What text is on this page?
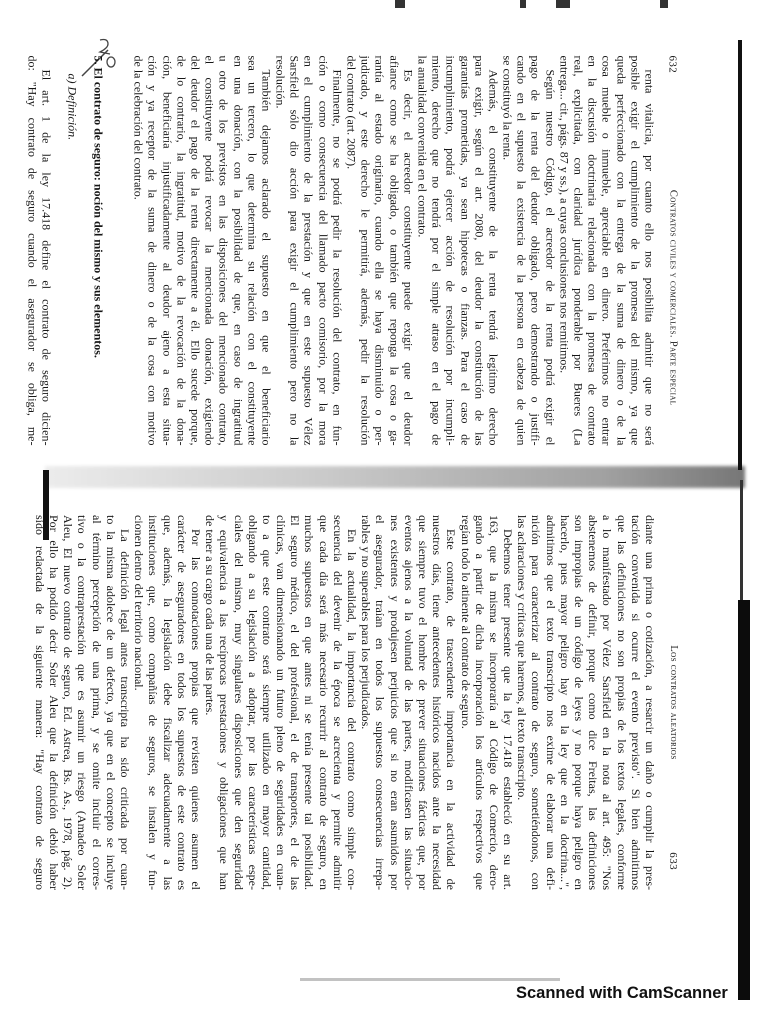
632
Contratos civiles y comerciales. Parte especial
renta vitalicia, por cuanto ello nos posibilita admitir que no será
posible exigir el cumplimiento de la promesa del mismo, ya que
queda perfeccionado con la entrega de la suma de dinero o de la
cosa mueble o inmueble, apreciable en dinero. Preferimos no entrar
en la discusión doctrinaria relacionada con la promesa de contrato
real, explicitada, con claridad jurídica ponderable por Bueres (La
entrega... cit., págs. 87 y ss.), a cuyas conclusiones nos remitimos.
Según nuestro Código, el acreedor de la renta podrá exigir el
pago de la renta del deudor obligado, pero demostrando o justifi-
cando en el supuesto la existencia de la persona en cabeza de quien
se constituyó la renta.
Además, el constituyente de la renta tendrá legítimo derecho
para exigir, según el art. 2080, del deudor la constitución de las
garantías prometidas, ya sean hipotecas o fianzas. Para el caso de
incumplimiento, podrá ejercer acción de resolución por incumpli-
miento, derecho que no tendrá por el simple atraso en el pago de
la anualidad convenida en el contrato.
Es decir, el acreedor constituyente puede exigir que el deudor
afiance como se ha obligado, o también que reponga la cosa o ga-
rantía al estado originario, cuando ella se haya disminuido o per-
judicado, y este derecho le permitirá, además, pedir la resolución
del contrato (art. 2087).
Finalmente, no se podrá pedir la resolución del contrato, en fun-
ción o como consecuencia del llamado pacto comisorio, por la mora
en el cumplimiento de la prestación y que en este supuesto Vélez
Sarsfield sólo dio acción para exigir el cumplimiento pero no la
resolución.
También dejamos aclarado el supuesto en que el beneficiario
sea un tercero, lo que determina su relación con el constituyente
en una donación, con la posibilidad de que, en caso de ingratitud
u otro de los previstos en las disposiciones del mencionado contrato,
el constituyente podrá revocar la mencionada donación, exigiendo
del deudor el pago de la renta directamente a él. Ello sucede porque,
de lo contrario, la ingratitud, motivo de la revocación de la dona-
ción, beneficiaría injustificadamente al deudor ajeno a esta situa-
ción y ya receptor de la suma de dinero o de la cosa con motivo
de la celebración del contrato.
5. El contrato de seguro: noción del mismo y sus elementos.
a) Definición.
El art. 1 de la ley 17.418 define el contrato de seguro dicien-
do: "Hay contrato de seguro cuando el asegurador se obliga, me-
Los contratos aleatorios
633
diante una prima o cotización, a resarcir un daño o cumplir la pres-
tación convenida si ocurre el evento previsto". Si bien admitimos
que las definiciones no son propias de los textos legales, conforme
a lo manifestado por Vélez Sarsfield en la nota al art. 495: "Nos
abstenemos de definir, porque como dice Freitas, las definiciones
son impropias de un código de leyes y no porque haya peligro en
hacerlo, pues mayor peligro hay en la ley que en la doctrina...",
admitimos que el texto transcripto nos exime de elaborar una defi-
nición para caracterizar al contrato de seguro, sometiéndonos, con
las aclaraciones y críticas que haremos, al texto transcripto.
Debemos tener presente que la ley 17.418 estableció en su art.
163, que la misma se incorporaría al Código de Comercio, dero-
gando a partir de dicha incorporación los artículos respectivos que
regían todo lo atinente al contrato de seguro.
Este contrato, de trascendente importancia en la actividad de
nuestros días, tiene antecedentes históricos nacidos ante la necesidad
que siempre tuvo el hombre de prever situaciones fácticas que, por
eventos ajenos a la voluntad de las partes, modificasen las situacio-
nes existentes y produjesen perjuicios que si no eran asumidos por
el asegurador, traían en todos los supuestos consecuencias irrepa-
rables y no superables para los perjudicados.
En la actualidad, la importancia del contrato como simple con-
secuencia del devenir de la época se acrecienta y permite admitir
que cada día será más necesario recurrir al contrato de seguro, en
muchos supuestos en que antes ni se tenía presente tal posibilidad.
El seguro médico, el del profesional, el de transportes, el de las
clínicas, van dimensionando un futuro pleno de seguridades en cuan-
to a que este contrato será siempre utilizado en mayor cantidad,
obligando a su legislación a adoptar, por las características espe-
ciales del mismo, muy singulares disposiciones que den seguridad
y equivalencia a las recíprocas prestaciones y obligaciones que han
de tener a su cargo cada una de las partes.
Por las connotaciones propias que revisten quienes asumen el
carácter de aseguradores en todos los supuestos de este contrato es
que, además, la legislación debe fiscalizar adecuadamente a las
instituciones que, como compañías de seguros, se instalen y fun-
cionen dentro del territorio nacional.
La definición legal antes transcripta ha sido criticada por cuan-
to la misma adolece de un defecto, ya que en el concepto se incluye
al término percepción de una prima, y se omite incluir el corres-
tivo o la contraprestación que es asumir un riesgo (Amadeo Soler
Aleu, El nuevo contrato de seguro, Ed. Astrea, Bs. As., 1978, pág. 2).
Por ello ha podido decir Soler Aleu que la definición debió haber
sido redactada de la siguiente manera: "Hay contrato de seguro
Scanned with CamScanner
